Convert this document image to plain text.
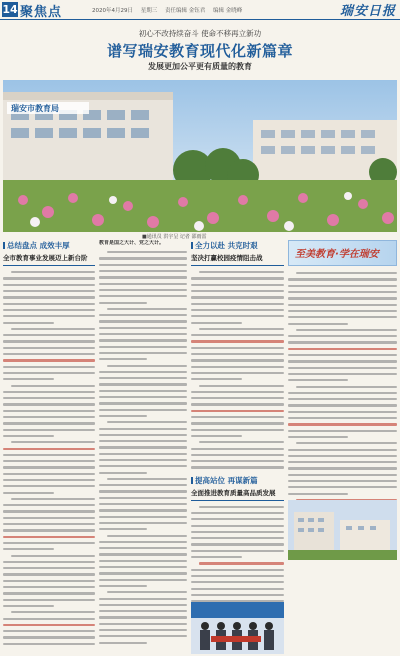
14 聚焦点	2020年4月29日 星期三 责任编辑 金钰君 编辑 金晓峰	瑞安日报
初心不改持续奋斗 使命不移再立新功
谱写瑞安教育现代化新篇章
发展更加公平更有质量的教育
瑞安市教育局
■通讯员 洪宇呈 记者 邵雨雷
总结盘点 成效丰厚
全市教育事业发展迈上新台阶
教育是国之大计、党之大计。	全力以赴 共克时艰
坚决打赢校园疫情阻击战
提高站位 再谋新篇
全面推进教育质量高品质发展
至美教育·学在瑞安
